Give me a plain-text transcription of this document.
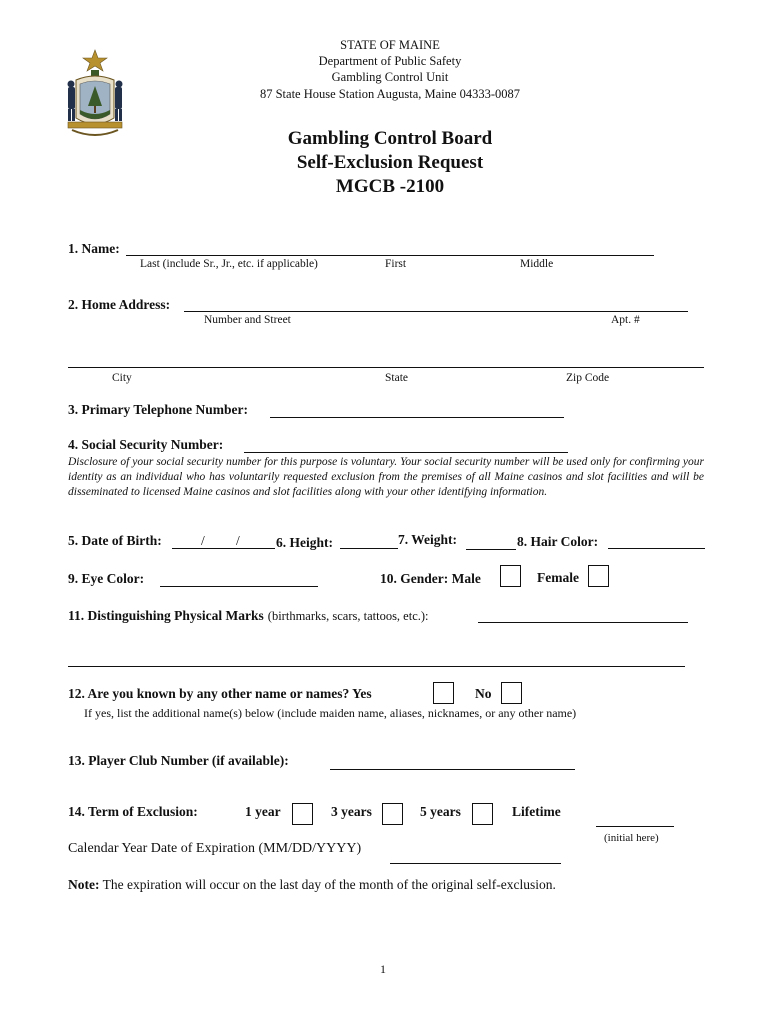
STATE OF MAINE
Department of Public Safety
Gambling Control Unit
87 State House Station Augusta, Maine 04333-0087
Gambling Control Board
Self-Exclusion Request
MGCB -2100
1. Name:
Last (include Sr., Jr., etc. if applicable)	First	Middle
2. Home Address:
Number and Street	Apt. #
City	State	Zip Code
3. Primary Telephone Number:
4. Social Security Number:
Disclosure of your social security number for this purpose is voluntary. Your social security number will be used only for confirming your identity as an individual who has voluntarily requested exclusion from the premises of all Maine casinos and slot facilities and will be disseminated to licensed Maine casinos and slot facilities along with your other identifying information.
5. Date of Birth:	/ /	6. Height:	7. Weight:	8. Hair Color:
9. Eye Color:	10. Gender: Male	Female
11. Distinguishing Physical Marks (birthmarks, scars, tattoos, etc.):
12. Are you known by any other name or names? Yes	No
If yes, list the additional name(s) below (include maiden name, aliases, nicknames, or any other name)
13. Player Club Number (if available):
14. Term of Exclusion:	1 year	3 years	5 years	Lifetime
(initial here)
Calendar Year Date of Expiration (MM/DD/YYYY)
Note: The expiration will occur on the last day of the month of the original self-exclusion.
1
